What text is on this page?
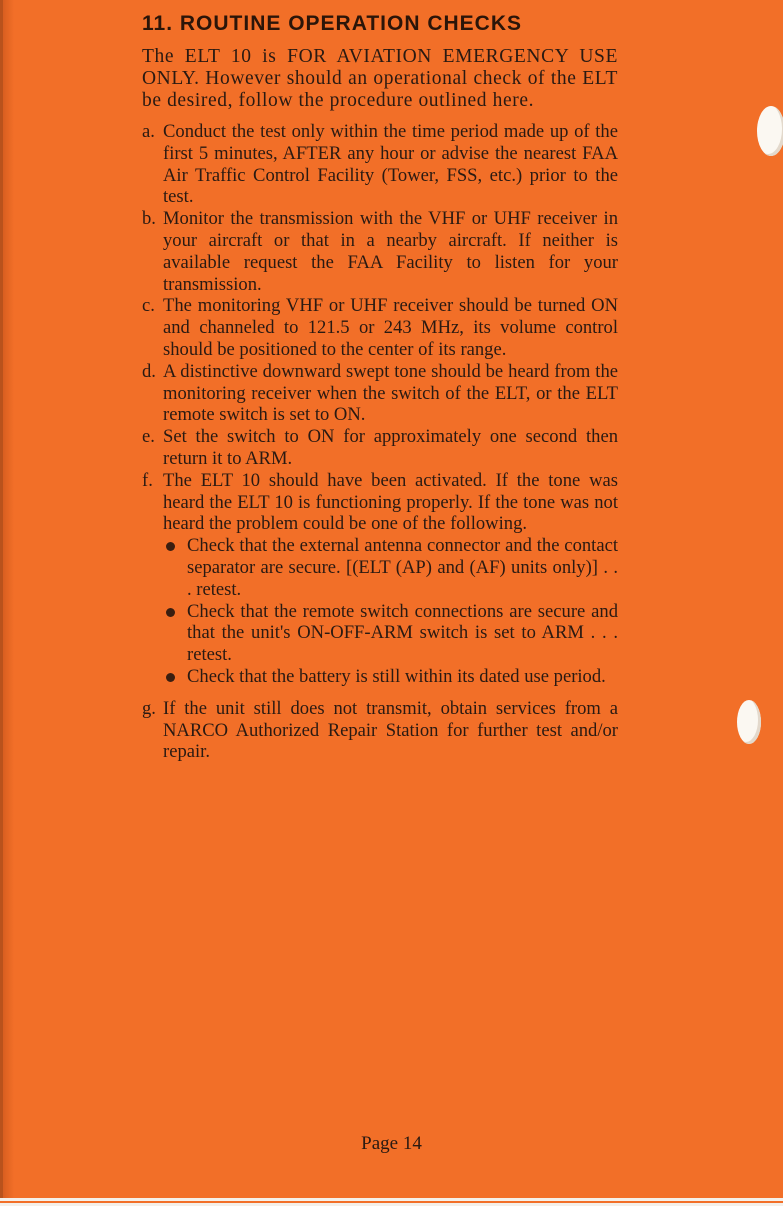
11. ROUTINE OPERATION CHECKS
The ELT 10 is FOR AVIATION EMERGENCY USE ONLY. However should an operational check of the ELT be desired, follow the procedure outlined here.
a. Conduct the test only within the time period made up of the first 5 minutes, AFTER any hour or advise the nearest FAA Air Traffic Control Facility (Tower, FSS, etc.) prior to the test.
b. Monitor the transmission with the VHF or UHF receiver in your aircraft or that in a nearby aircraft. If neither is available request the FAA Facility to listen for your transmission.
c. The monitoring VHF or UHF receiver should be turned ON and channeled to 121.5 or 243 MHz, its volume control should be positioned to the center of its range.
d. A distinctive downward swept tone should be heard from the monitoring receiver when the switch of the ELT, or the ELT remote switch is set to ON.
e. Set the switch to ON for approximately one second then return it to ARM.
f. The ELT 10 should have been activated. If the tone was heard the ELT 10 is functioning properly. If the tone was not heard the problem could be one of the following.
Check that the external antenna connector and the contact separator are secure. [(ELT (AP) and (AF) units only)] . . . retest.
Check that the remote switch connections are secure and that the unit's ON-OFF-ARM switch is set to ARM . . . retest.
Check that the battery is still within its dated use period.
g. If the unit still does not transmit, obtain services from a NARCO Authorized Repair Station for further test and/or repair.
Page 14
